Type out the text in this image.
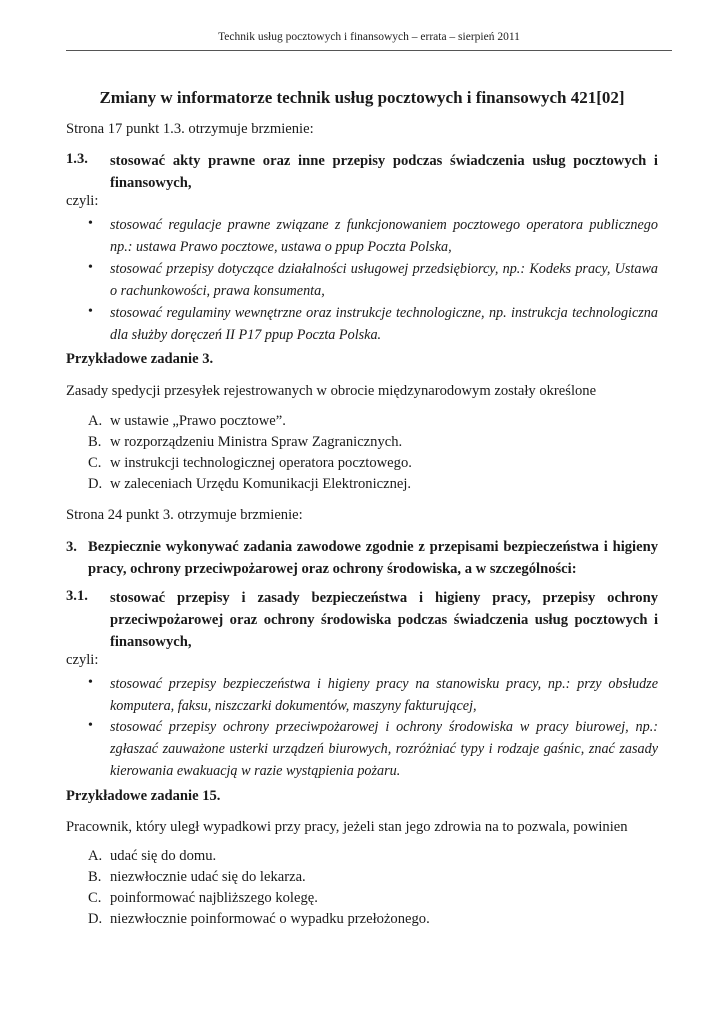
Technik usług pocztowych i finansowych – errata – sierpień 2011
Zmiany w informatorze technik usług pocztowych i finansowych 421[02]
Strona 17 punkt 1.3. otrzymuje brzmienie:
1.3. stosować akty prawne oraz inne przepisy podczas świadczenia usług pocztowych i finansowych,
czyli:
• stosować regulacje prawne związane z funkcjonowaniem pocztowego operatora publicznego np.: ustawa Prawo pocztowe, ustawa o ppup Poczta Polska,
• stosować przepisy dotyczące działalności usługowej przedsiębiorcy, np.: Kodeks pracy, Ustawa o rachunkowości, prawa konsumenta,
• stosować regulaminy wewnętrzne oraz instrukcje technologiczne, np. instrukcja technologiczna dla służby doręczeń II P17 ppup Poczta Polska.
Przykładowe zadanie 3.
Zasady spedycji przesyłek rejestrowanych w obrocie międzynarodowym zostały określone
A. w ustawie „Prawo pocztowe”.
B. w rozporządzeniu Ministra Spraw Zagranicznych.
C. w instrukcji technologicznej operatora pocztowego.
D. w zaleceniach Urzędu Komunikacji Elektronicznej.
Strona 24 punkt 3. otrzymuje brzmienie:
3. Bezpiecznie wykonywać zadania zawodowe zgodnie z przepisami bezpieczeństwa i higieny pracy, ochrony przeciwpożarowej oraz ochrony środowiska, a w szczególności:
3.1. stosować przepisy i zasady bezpieczeństwa i higieny pracy, przepisy ochrony przeciwpożarowej oraz ochrony środowiska podczas świadczenia usług pocztowych i finansowych,
czyli:
• stosować przepisy bezpieczeństwa i higieny pracy na stanowisku pracy, np.: przy obsłudze komputera, faksu, niszczarki dokumentów, maszyny fakturującej,
• stosować przepisy ochrony przeciwpożarowej i ochrony środowiska w pracy biurowej, np.: zgłaszać zauważone usterki urządzeń biurowych, rozróżniać typy i rodzaje gaśnic, znać zasady kierowania ewakuacją w razie wystąpienia pożaru.
Przykładowe zadanie 15.
Pracownik, który uległ wypadkowi przy pracy, jeżeli stan jego zdrowia na to pozwala, powinien
A. udać się do domu.
B. niezwłocznie udać się do lekarza.
C. poinformować najbliższego kolegę.
D. niezwłocznie poinformować o wypadku przełożonego.
